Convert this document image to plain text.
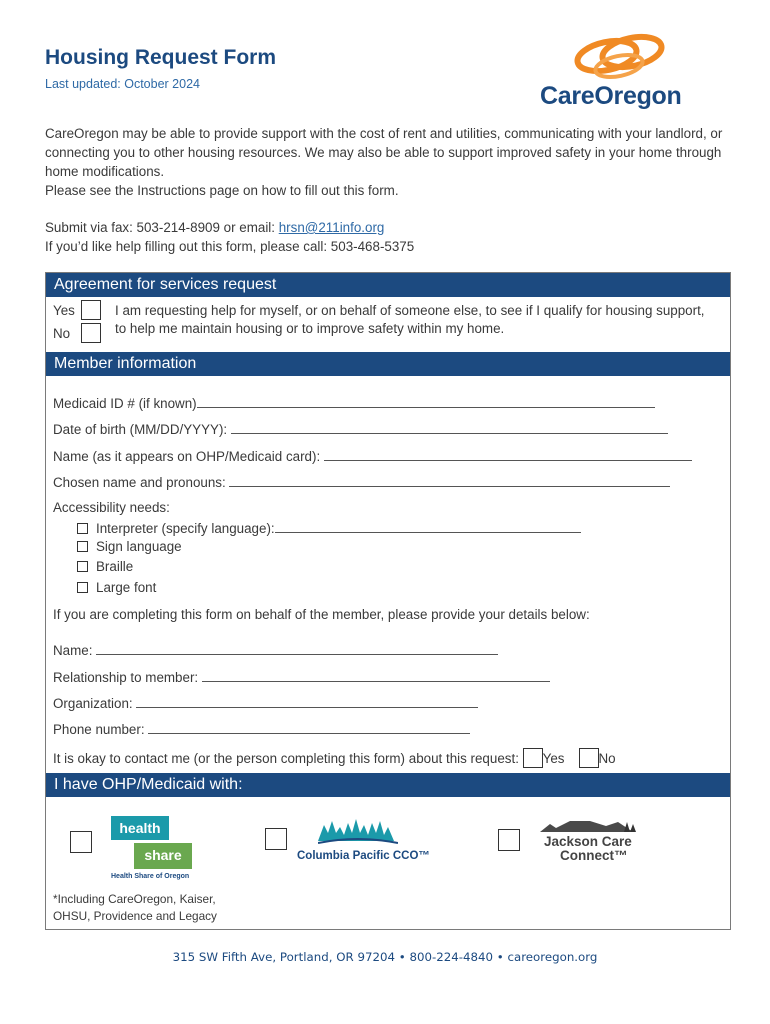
Housing Request Form
Last updated: October 2024	CareOregon

CareOregon may be able to provide support with the cost of rent and utilities, communicating with your landlord, or connecting you to other housing resources. We may also be able to support improved safety in your home through home modifications.

Please see the Instructions page on how to fill out this form.

Submit via fax: 503-214-8909 or email: hrsn@211info.org

If you’d like help filling out this form, please call: 503-468-5375

Agreement for services request
Yes
No
I am requesting help for myself, or on behalf of someone else, to see if I qualify for housing support, to help me maintain housing or to improve safety within my home.
Member information
Medicaid ID # (if known)
Date of birth (MM/DD/YYYY):
Name (as it appears on OHP/Medicaid card):
Chosen name and pronouns:
Accessibility needs:
Interpreter (specify language):
Sign language
Braille
Large font
If you are completing this form on behalf of the member, please provide your details below:
Name:
Relationship to member:
Organization:
Phone number:
It is okay to contact me (or the person completing this form) about this request: Yes	No
I have OHP/Medicaid with:
health
share
Health Share of Oregon
Columbia Pacific CCO™
Jackson Care
Connect™
*Including CareOregon, Kaiser,
OHSU, Providence and Legacy
315 SW Fifth Ave, Portland, OR 97204 • 800-224-4840 • careoregon.org
